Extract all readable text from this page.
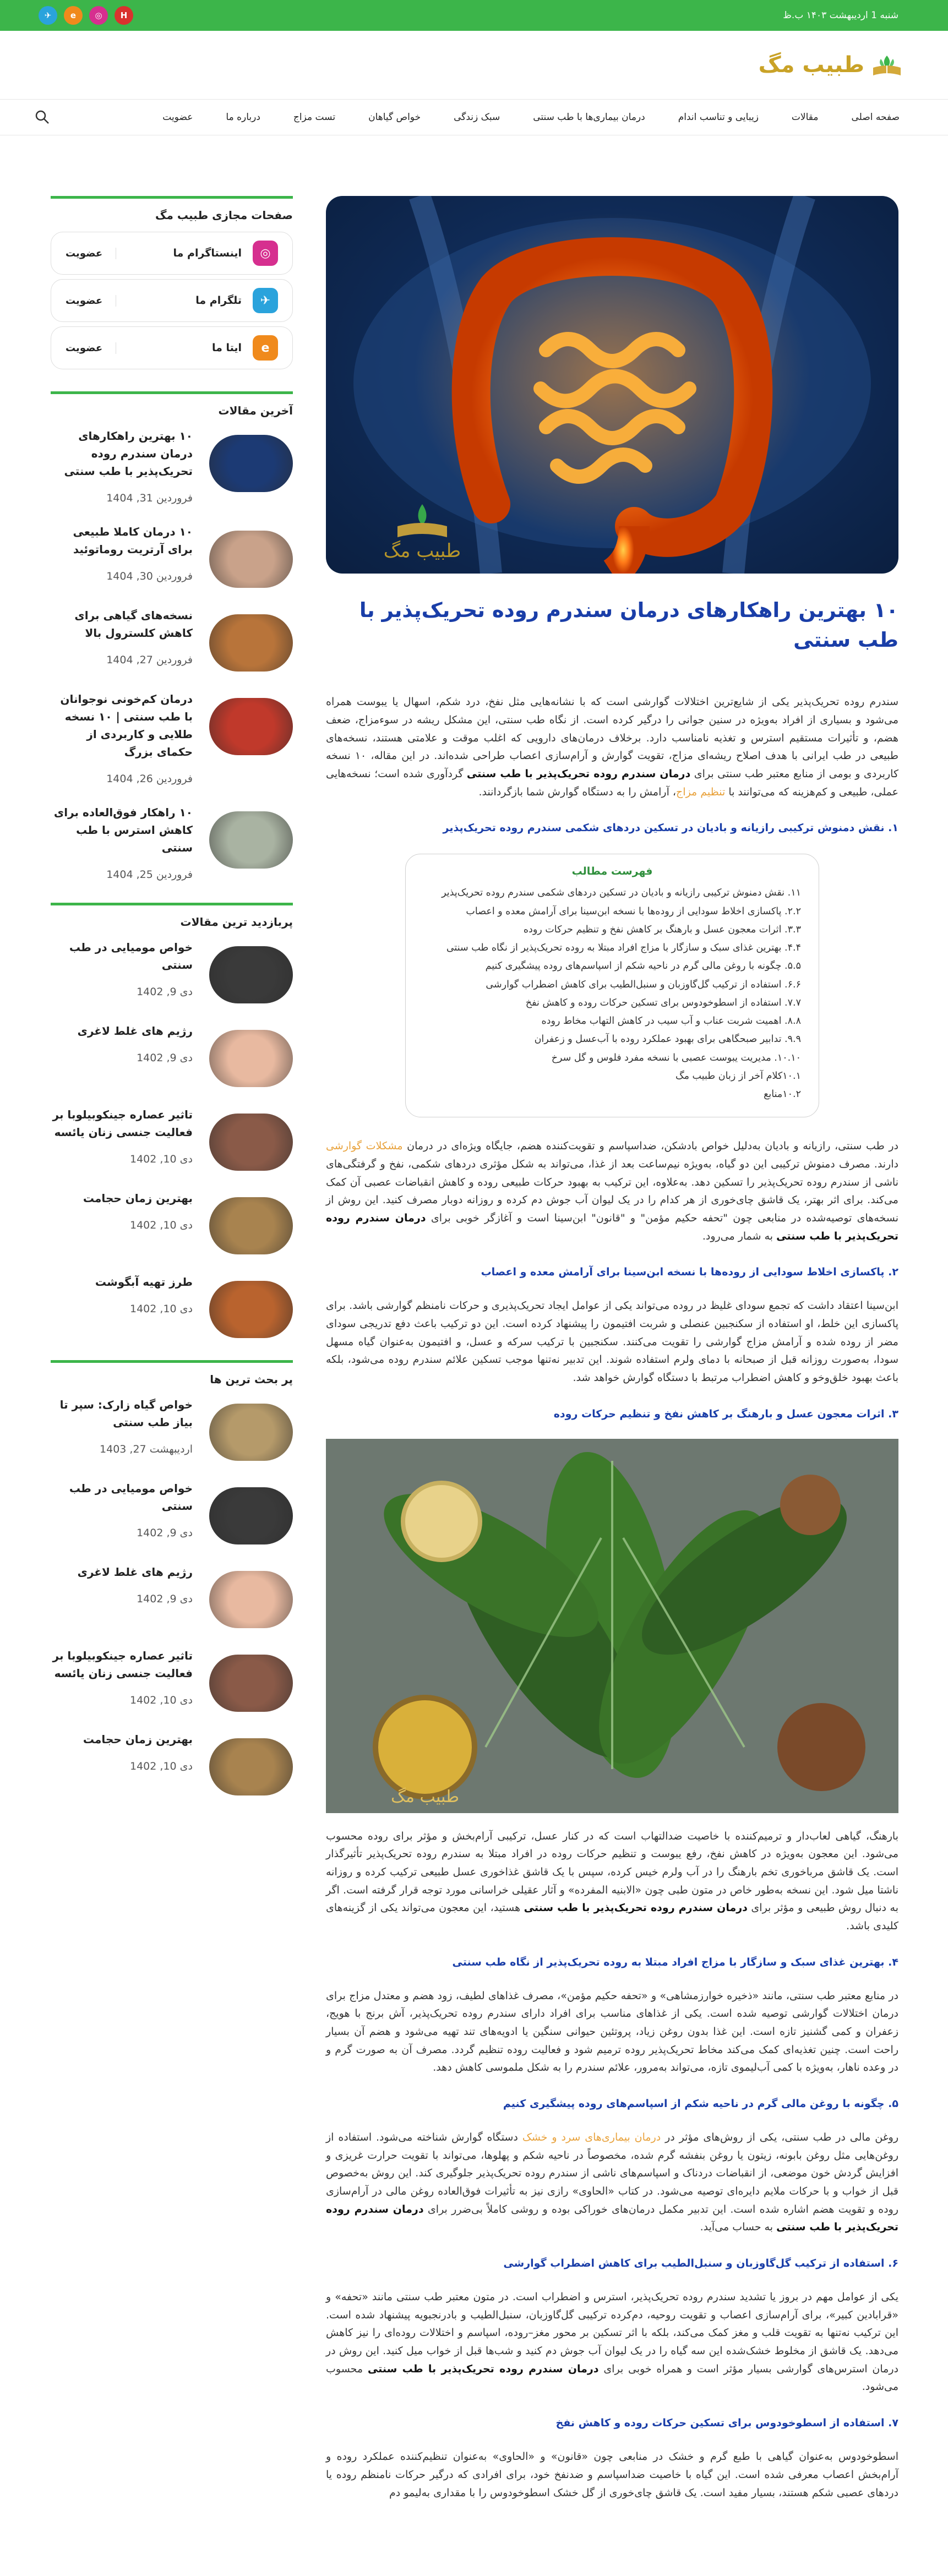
شنبه 1 اردیبهشت ۱۴۰۳ ب.ظ
✈	e	◎	H
طبیب مگ
صفحه اصلی
مقالات
زیبایی و تناسب اندام
درمان بیماری‌ها با طب سنتی
سبک زندگی
خواص گیاهان
تست مزاج
درباره ما
عضویت
طبیب مگ
۱۰ بهترین راهکارهای درمان سندرم روده تحریک‌پذیر با طب سنتی

سندرم روده تحریک‌پذیر یکی از شایع‌ترین اختلالات گوارشی است که با نشانه‌هایی مثل نفخ، درد شکم، اسهال یا یبوست همراه می‌شود و بسیاری از افراد به‌ویژه در سنین جوانی را درگیر کرده است. از نگاه طب سنتی، این مشکل ریشه در سوءمزاج، ضعف هضم، و تأثیرات مستقیم استرس و تغذیه نامناسب دارد. برخلاف درمان‌های دارویی که اغلب موقت و علامتی هستند، نسخه‌های طبیعی در طب ایرانی با هدف اصلاح ریشه‌ای مزاج، تقویت گوارش و آرام‌سازی اعصاب طراحی شده‌اند. در این مقاله، ۱۰ نسخه کاربردی و بومی از منابع معتبر طب سنتی برای درمان سندرم روده تحریک‌پذیر با طب سنتی گردآوری شده است؛ نسخه‌هایی عملی، طبیعی و کم‌هزینه که می‌توانند با تنظیم مزاج، آرامش را به دستگاه گوارش شما بازگردانند.

۱. نقش دمنوش ترکیبی رازیانه و بادیان در تسکین دردهای شکمی سندرم روده تحریک‌پذیر
فهرست مطالب
۱۱. نقش دمنوش ترکیبی رازیانه و بادیان در تسکین دردهای شکمی سندرم روده تحریک‌پذیر
۲.۲. پاکسازی اخلاط سودایی از روده‌ها با نسخه ابن‌سینا برای آرامش معده و اعصاب
۳.۳. اثرات معجون عسل و بارهنگ بر کاهش نفخ و تنظیم حرکات روده
۴.۴. بهترین غذای سبک و سازگار با مزاج افراد مبتلا به روده تحریک‌پذیر از نگاه طب سنتی
۵.۵. چگونه با روغن مالی گرم در ناحیه شکم از اسپاسم‌های روده پیشگیری کنیم
۶.۶. استفاده از ترکیب گل‌گاوزبان و سنبل‌الطیب برای کاهش اضطراب گوارشی
۷.۷. استفاده از اسطوخودوس برای تسکین حرکات روده و کاهش نفخ
۸.۸. اهمیت شربت عناب و آب سیب در کاهش التهاب مخاط روده
۹.۹. تدابیر صبحگاهی برای بهبود عملکرد روده با آب‌عسل و زعفران
۱۰.۱۰. مدیریت یبوست عصبی با نسخه مفرد فلوس و گل سرخ
۱۰.۱کلام آخر از زبان طبیب مگ
۱۰.۲منابع

در طب سنتی، رازیانه و بادیان به‌دلیل خواص بادشکن، ضداسپاسم و تقویت‌کننده هضم، جایگاه ویژه‌ای در درمان مشکلات گوارشی دارند. مصرف دمنوش ترکیبی این دو گیاه، به‌ویژه نیم‌ساعت بعد از غذا، می‌تواند به شکل مؤثری دردهای شکمی، نفخ و گرفتگی‌های ناشی از سندرم روده تحریک‌پذیر را تسکین دهد. به‌علاوه، این ترکیب به بهبود حرکات طبیعی روده و کاهش انقباضات عصبی آن کمک می‌کند. برای اثر بهتر، یک قاشق چای‌خوری از هر کدام را در یک لیوان آب جوش دم کرده و روزانه دوبار مصرف کنید. این روش از نسخه‌های توصیه‌شده در منابعی چون "تحفه حکیم مؤمن" و "قانون" ابن‌سینا است و آغازگر خوبی برای درمان سندرم روده تحریک‌پذیر با طب سنتی به شمار می‌رود.

۲. پاکسازی اخلاط سودایی از روده‌ها با نسخه ابن‌سینا برای آرامش معده و اعصاب

ابن‌سینا اعتقاد داشت که تجمع سودای غلیظ در روده می‌تواند یکی از عوامل ایجاد تحریک‌پذیری و حرکات نامنظم گوارشی باشد. برای پاکسازی این خلط، او استفاده از سکنجبین عنصلی و شربت افتیمون را پیشنهاد کرده است. این دو ترکیب باعث دفع تدریجی سودای مضر از روده شده و آرامش مزاج گوارشی را تقویت می‌کنند. سکنجبین با ترکیب سرکه و عسل، و افتیمون به‌عنوان گیاه مسهل سودا، به‌صورت روزانه قبل از صبحانه با دمای ولرم استفاده شوند. این تدبیر نه‌تنها موجب تسکین علائم سندرم روده می‌شود، بلکه باعث بهبود خلق‌وخو و کاهش اضطراب مرتبط با دستگاه گوارش خواهد شد.

۳. اثرات معجون عسل و بارهنگ بر کاهش نفخ و تنظیم حرکات روده
طبیب مگ

بارهنگ، گیاهی لعاب‌دار و ترمیم‌کننده با خاصیت ضدالتهاب است که در کنار عسل، ترکیبی آرام‌بخش و مؤثر برای روده محسوب می‌شود. این معجون به‌ویژه در کاهش نفخ، رفع یبوست و تنظیم حرکات روده در افراد مبتلا به سندرم روده تحریک‌پذیر تأثیرگذار است. یک قاشق مرباخوری تخم بارهنگ را در آب ولرم خیس کرده، سپس با یک قاشق غذاخوری عسل طبیعی ترکیب کرده و روزانه ناشتا میل شود. این نسخه به‌طور خاص در متون طبی چون «الابنیه المفرده» و آثار عقیلی خراسانی مورد توجه قرار گرفته است. اگر به دنبال روش طبیعی و مؤثر برای درمان سندرم روده تحریک‌پذیر با طب سنتی هستید، این معجون می‌تواند یکی از گزینه‌های کلیدی باشد.

۴. بهترین غذای سبک و سازگار با مزاج افراد مبتلا به روده تحریک‌پذیر از نگاه طب سنتی

در منابع معتبر طب سنتی، مانند «ذخیره خوارزمشاهی» و «تحفه حکیم مؤمن»، مصرف غذاهای لطیف، زود هضم و معتدل مزاج برای درمان اختلالات گوارشی توصیه شده است. یکی از غذاهای مناسب برای افراد دارای سندرم روده تحریک‌پذیر، آش برنج با هویج، زعفران و کمی گشنیز تازه است. این غذا بدون روغن زیاد، پروتئین حیوانی سنگین یا ادویه‌های تند تهیه می‌شود و هضم آن بسیار راحت است. چنین تغذیه‌ای کمک می‌کند مخاط تحریک‌پذیر روده ترمیم شود و فعالیت روده تنظیم گردد. مصرف آن به صورت گرم و در وعده ناهار، به‌ویژه با کمی آب‌لیموی تازه، می‌تواند به‌مرور، علائم سندرم را به شکل ملموسی کاهش دهد.

۵. چگونه با روغن مالی گرم در ناحیه شکم از اسپاسم‌های روده پیشگیری کنیم

روغن مالی در طب سنتی، یکی از روش‌های مؤثر در درمان بیماری‌های سرد و خشک دستگاه گوارش شناخته می‌شود. استفاده از روغن‌هایی مثل روغن بابونه، زیتون یا روغن بنفشه گرم شده، مخصوصاً در ناحیه شکم و پهلوها، می‌تواند با تقویت حرارت غریزی و افزایش گردش خون موضعی، از انقباضات دردناک و اسپاسم‌های ناشی از سندرم روده تحریک‌پذیر جلوگیری کند. این روش به‌خصوص قبل از خواب و با حرکات ملایم دایره‌ای توصیه می‌شود. در کتاب «الحاوی» رازی نیز به تأثیرات فوق‌العاده روغن مالی در آرام‌سازی روده و تقویت هضم اشاره شده است. این تدبیر مکمل درمان‌های خوراکی بوده و روشی کاملاً بی‌ضرر برای درمان سندرم روده تحریک‌پذیر با طب سنتی به حساب می‌آید.

۶. استفاده از ترکیب گل‌گاوزبان و سنبل‌الطیب برای کاهش اضطراب گوارشی

یکی از عوامل مهم در بروز یا تشدید سندرم روده تحریک‌پذیر، استرس و اضطراب است. در متون معتبر طب سنتی مانند «تحفه» و «قرابادین کبیر»، برای آرام‌سازی اعصاب و تقویت روحیه، دم‌کرده ترکیبی گل‌گاوزبان، سنبل‌الطیب و بادرنجبویه پیشنهاد شده است. این ترکیب نه‌تنها به تقویت قلب و مغز کمک می‌کند، بلکه با اثر تسکین بر محور مغز–روده، اسپاسم و اختلالات روده‌ای را نیز کاهش می‌دهد. یک قاشق از مخلوط خشک‌شده این سه گیاه را در یک لیوان آب جوش دم کنید و شب‌ها قبل از خواب میل کنید. این روش در درمان استرس‌های گوارشی بسیار مؤثر است و همراه خوبی برای درمان سندرم روده تحریک‌پذیر با طب سنتی محسوب می‌شود.

۷. استفاده از اسطوخودوس برای تسکین حرکات روده و کاهش نفخ

اسطوخودوس به‌عنوان گیاهی با طبع گرم و خشک در منابعی چون «قانون» و «الحاوی» به‌عنوان تنظیم‌کننده عملکرد روده و آرام‌بخش اعصاب معرفی شده است. این گیاه با خاصیت ضداسپاسم و ضدنفخ خود، برای افرادی که درگیر حرکات نامنظم روده یا دردهای عصبی شکم هستند، بسیار مفید است. یک قاشق چای‌خوری از گل خشک اسطوخودوس را با مقداری به‌لیمو دم

صفحات مجازی طبیب مگ
◎
اینستاگرام ما
عضویت
✈
تلگرام ما
عضویت
e
ایتا ما
عضویت
آخرین مقالات
۱۰ بهترین راهکارهای درمان سندرم روده تحریک‌پذیر با طب سنتی
فروردین 31, 1404
۱۰ درمان کاملا طبیعی برای آرتریت روماتوئید
فروردین 30, 1404
نسخه‌های گیاهی برای کاهش کلسترول بالا
فروردین 27, 1404
درمان کم‌خونی نوجوانان با طب سنتی | ۱۰ نسخه طلایی و کاربردی از حکمای بزرگ
فروردین 26, 1404
۱۰ راهکار فوق‌العاده برای کاهش استرس با طب سنتی
فروردین 25, 1404
پربازدید ترین مقالات
خواص مومیایی در طب سنتی
دی 9, 1402
رژیم های غلط لاغری
دی 9, 1402
تاثیر عصاره جینکوبیلوبا بر فعالیت جنسی زنان یائسه
دی 10, 1402
بهترین زمان حجامت
دی 10, 1402
طرز تهیه آبگوشت
دی 10, 1402
پر بحث ترین ها
خواص گیاه زارک: سپر تا بیاز طب سنتی
اردیبهشت 27, 1403
خواص مومیایی در طب سنتی
دی 9, 1402
رژیم های غلط لاغری
دی 9, 1402
تاثیر عصاره جینکوبیلوبا بر فعالیت جنسی زنان یائسه
دی 10, 1402
بهترین زمان حجامت
دی 10, 1402
